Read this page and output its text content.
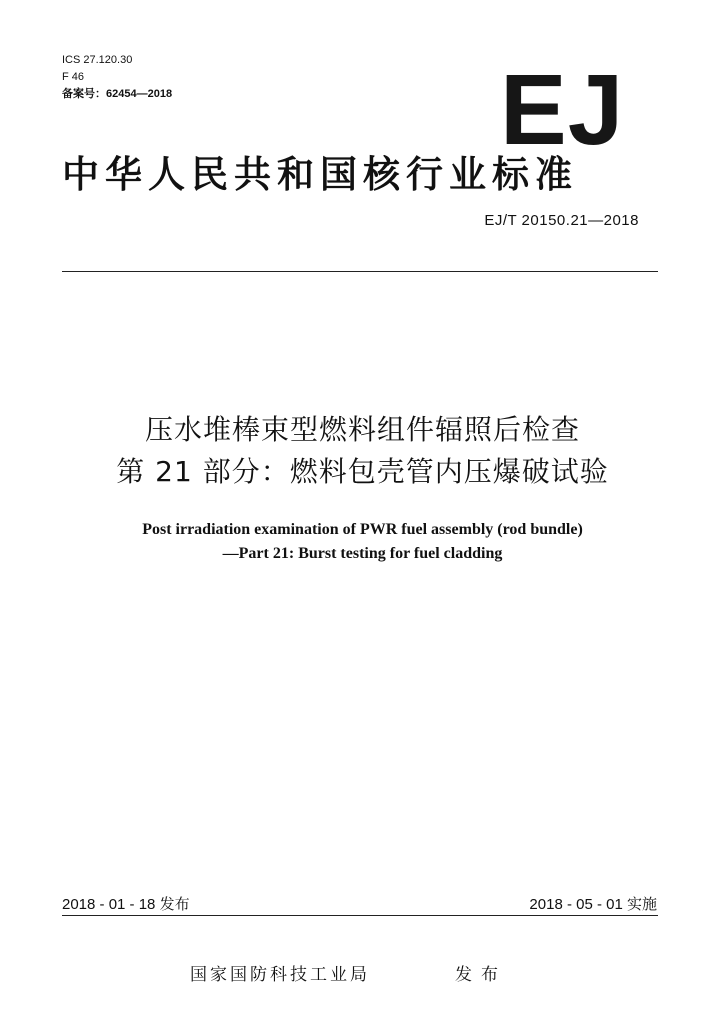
ICS 27.120.30
F 46
备案号：62454—2018	EJ
中华人民共和国核行业标准
EJ/T 20150.21—2018
压水堆棒束型燃料组件辐照后检查
第 21 部分：燃料包壳管内压爆破试验
Post irradiation examination of PWR fuel assembly (rod bundle)
—Part 21: Burst testing for fuel cladding
2018 - 01 - 18 发布	2018 - 05 - 01 实施
国家国防科技工业局	发布
